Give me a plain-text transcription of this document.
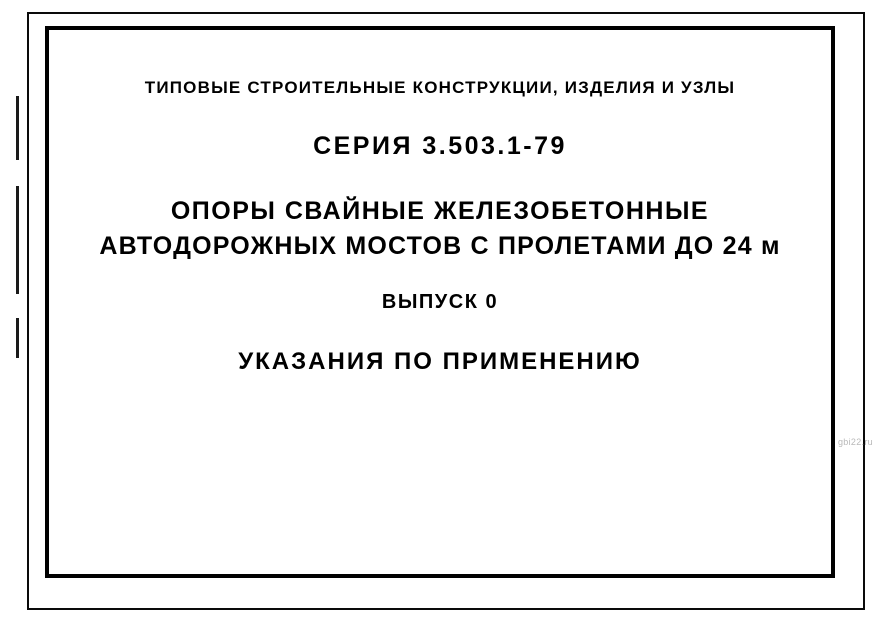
ТИПОВЫЕ СТРОИТЕЛЬНЫЕ КОНСТРУКЦИИ, ИЗДЕЛИЯ И УЗЛЫ
СЕРИЯ 3.503.1-79
ОПОРЫ СВАЙНЫЕ ЖЕЛЕЗОБЕТОННЫЕ
АВТОДОРОЖНЫХ МОСТОВ С ПРОЛЕТАМИ ДО 24 м
ВЫПУСК 0
УКАЗАНИЯ ПО ПРИМЕНЕНИЮ
gbi22.ru
